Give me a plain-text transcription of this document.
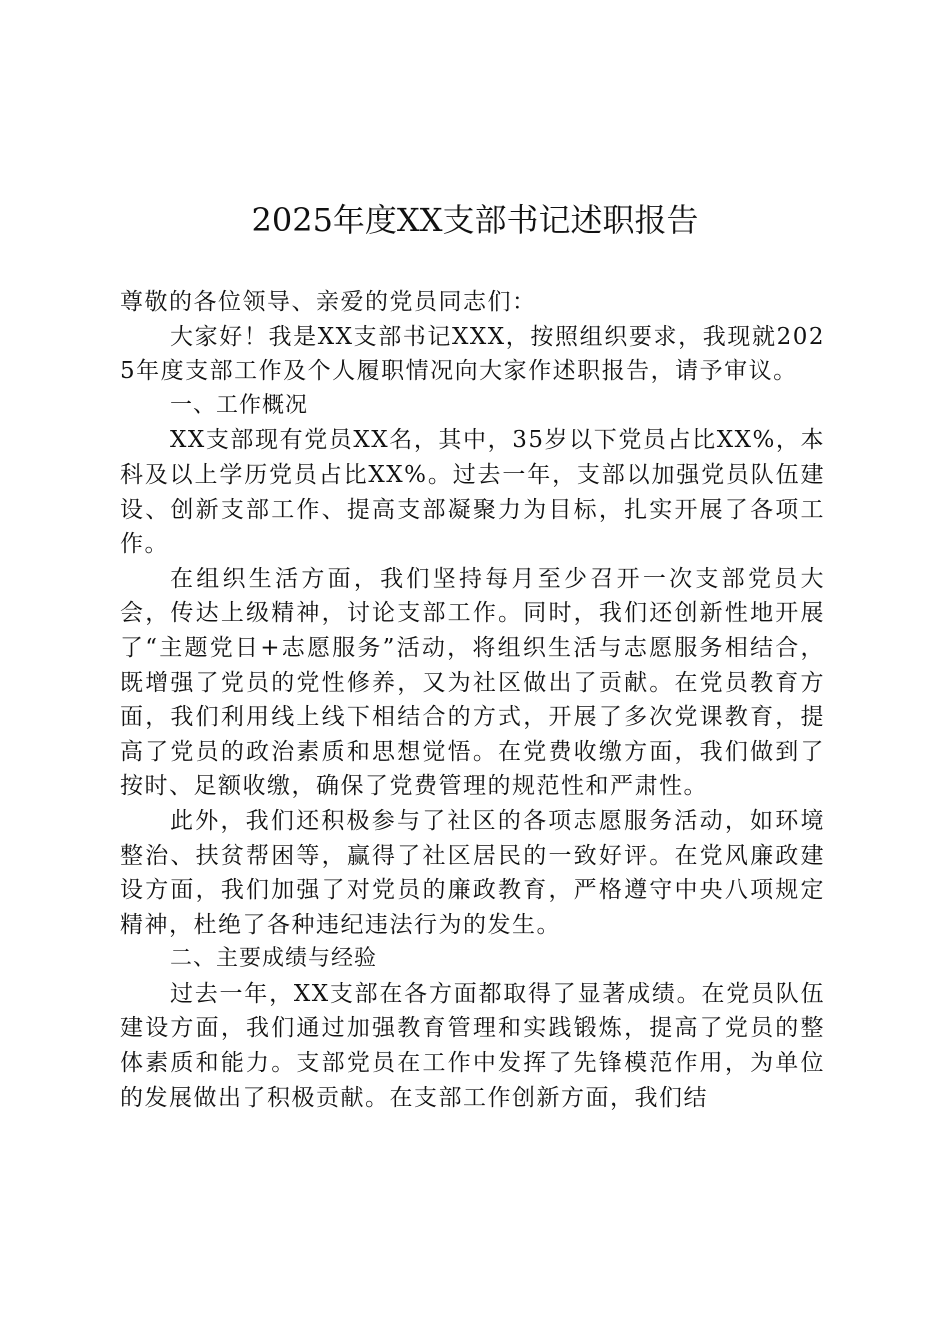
2025年度XX支部书记述职报告

尊敬的各位领导、亲爱的党员同志们：

大家好！我是XX支部书记XXX，按照组织要求，我现就2025年度支部工作及个人履职情况向大家作述职报告，请予审议。

一、工作概况

XX支部现有党员XX名，其中，35岁以下党员占比XX%，本科及以上学历党员占比XX%。过去一年，支部以加强党员队伍建设、创新支部工作、提高支部凝聚力为目标，扎实开展了各项工作。

在组织生活方面，我们坚持每月至少召开一次支部党员大会，传达上级精神，讨论支部工作。同时，我们还创新性地开展了“主题党日+志愿服务”活动，将组织生活与志愿服务相结合，既增强了党员的党性修养，又为社区做出了贡献。在党员教育方面，我们利用线上线下相结合的方式，开展了多次党课教育，提高了党员的政治素质和思想觉悟。在党费收缴方面，我们做到了按时、足额收缴，确保了党费管理的规范性和严肃性。

此外，我们还积极参与了社区的各项志愿服务活动，如环境整治、扶贫帮困等，赢得了社区居民的一致好评。在党风廉政建设方面，我们加强了对党员的廉政教育，严格遵守中央八项规定精神，杜绝了各种违纪违法行为的发生。

二、主要成绩与经验

过去一年，XX支部在各方面都取得了显著成绩。在党员队伍建设方面，我们通过加强教育管理和实践锻炼，提高了党员的整体素质和能力。支部党员在工作中发挥了先锋模范作用，为单位的发展做出了积极贡献。在支部工作创新方面，我们结
